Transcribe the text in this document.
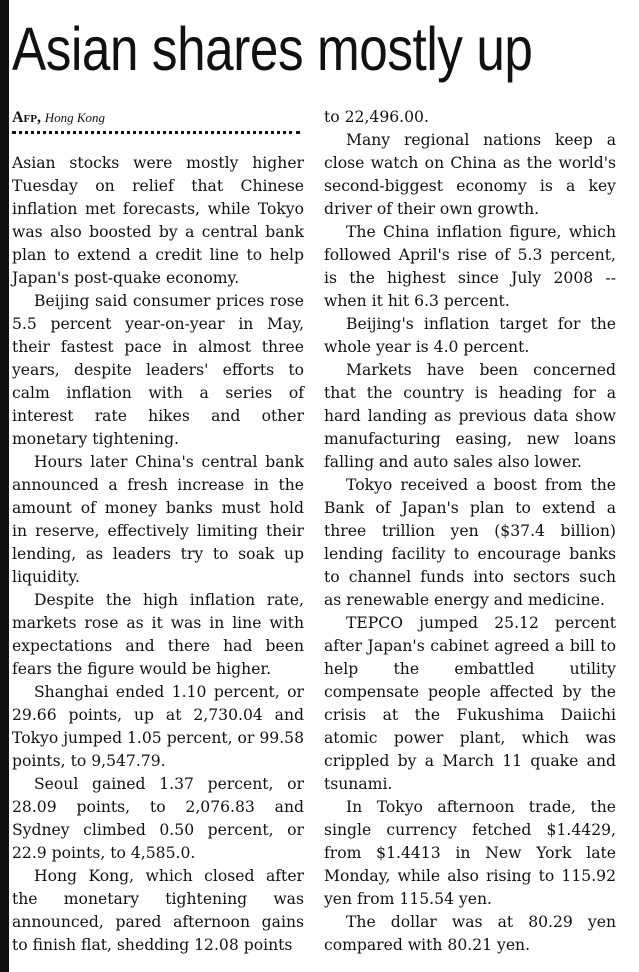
Asian shares mostly up
Afp, Hong Kong

Asian stocks were mostly higher Tuesday on relief that Chinese inflation met forecasts, while Tokyo was also boosted by a central bank plan to extend a credit line to help Japan's post-quake economy.

Beijing said consumer prices rose 5.5 percent year-on-year in May, their fastest pace in almost three years, despite leaders' efforts to calm inflation with a series of interest rate hikes and other monetary tightening.

Hours later China's central bank announced a fresh increase in the amount of money banks must hold in reserve, effectively limiting their lending, as leaders try to soak up liquidity.

Despite the high inflation rate, markets rose as it was in line with expectations and there had been fears the figure would be higher.

Shanghai ended 1.10 percent, or 29.66 points, up at 2,730.04 and Tokyo jumped 1.05 percent, or 99.58 points, to 9,547.79.

Seoul gained 1.37 percent, or 28.09 points, to 2,076.83 and Sydney climbed 0.50 percent, or 22.9 points, to 4,585.0.

Hong Kong, which closed after the monetary tightening was announced, pared afternoon gains to finish flat, shedding 12.08 points

to 22,496.00.

Many regional nations keep a close watch on China as the world's second-biggest economy is a key driver of their own growth.

The China inflation figure, which followed April's rise of 5.3 percent, is the highest since July 2008 -- when it hit 6.3 percent.

Beijing's inflation target for the whole year is 4.0 percent.

Markets have been concerned that the country is heading for a hard landing as previous data show manufacturing easing, new loans falling and auto sales also lower.

Tokyo received a boost from the Bank of Japan's plan to extend a three trillion yen ($37.4 billion) lending facility to encourage banks to channel funds into sectors such as renewable energy and medicine.

TEPCO jumped 25.12 percent after Japan's cabinet agreed a bill to help the embattled utility compensate people affected by the crisis at the Fukushima Daiichi atomic power plant, which was crippled by a March 11 quake and tsunami.

In Tokyo afternoon trade, the single currency fetched $1.4429, from $1.4413 in New York late Monday, while also rising to 115.92 yen from 115.54 yen.

The dollar was at 80.29 yen compared with 80.21 yen.
